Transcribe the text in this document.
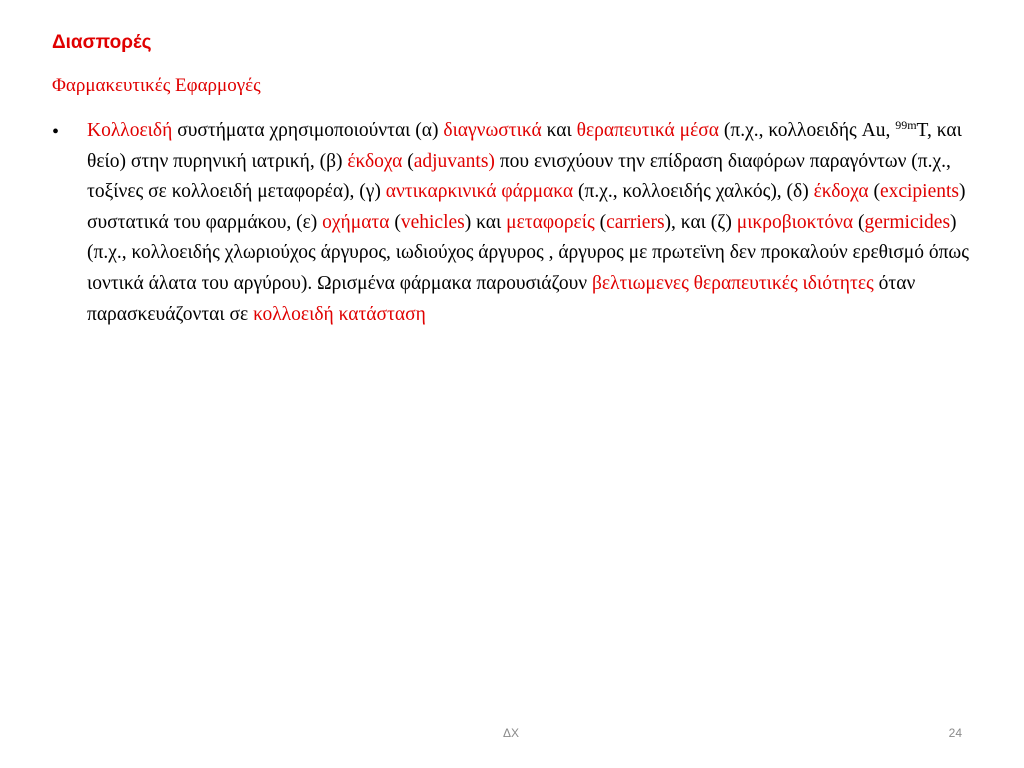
Διασπορές
Φαρμακευτικές Εφαρμογές
• Κολλοειδή συστήματα χρησιμοποιούνται (α) διαγνωστικά και θεραπευτικά μέσα (π.χ., κολλοειδής Au, $^{99m}$T, και θείο) στην πυρηνική ιατρική, (β) έκδοχα (adjuvants) που ενισχύουν την επίδραση διαφόρων παραγόντων (π.χ., τοξίνες σε κολλοειδή μεταφορέα), (γ) αντικαρκινικά φάρμακα (π.χ., κολλοειδής χαλκός), (δ) έκδοχα (excipients) συστατικά του φαρμάκου, (ε) οχήματα (vehicles) και μεταφορείς (carriers), και (ζ) μικροβιοκτόνα (germicides) (π.χ., κολλοειδής χλωριούχος άργυρος, ιωδιούχος άργυρος , άργυρος με πρωτεϊνη δεν προκαλούν ερεθισμό όπως ιοντικά άλατα του αργύρου). Ωρισμένα φάρμακα παρουσιάζουν βελτιωμενες θεραπευτικές ιδιότητες όταν παρασκευάζονται σε κολλοειδή κατάσταση
ΔΧ	24
